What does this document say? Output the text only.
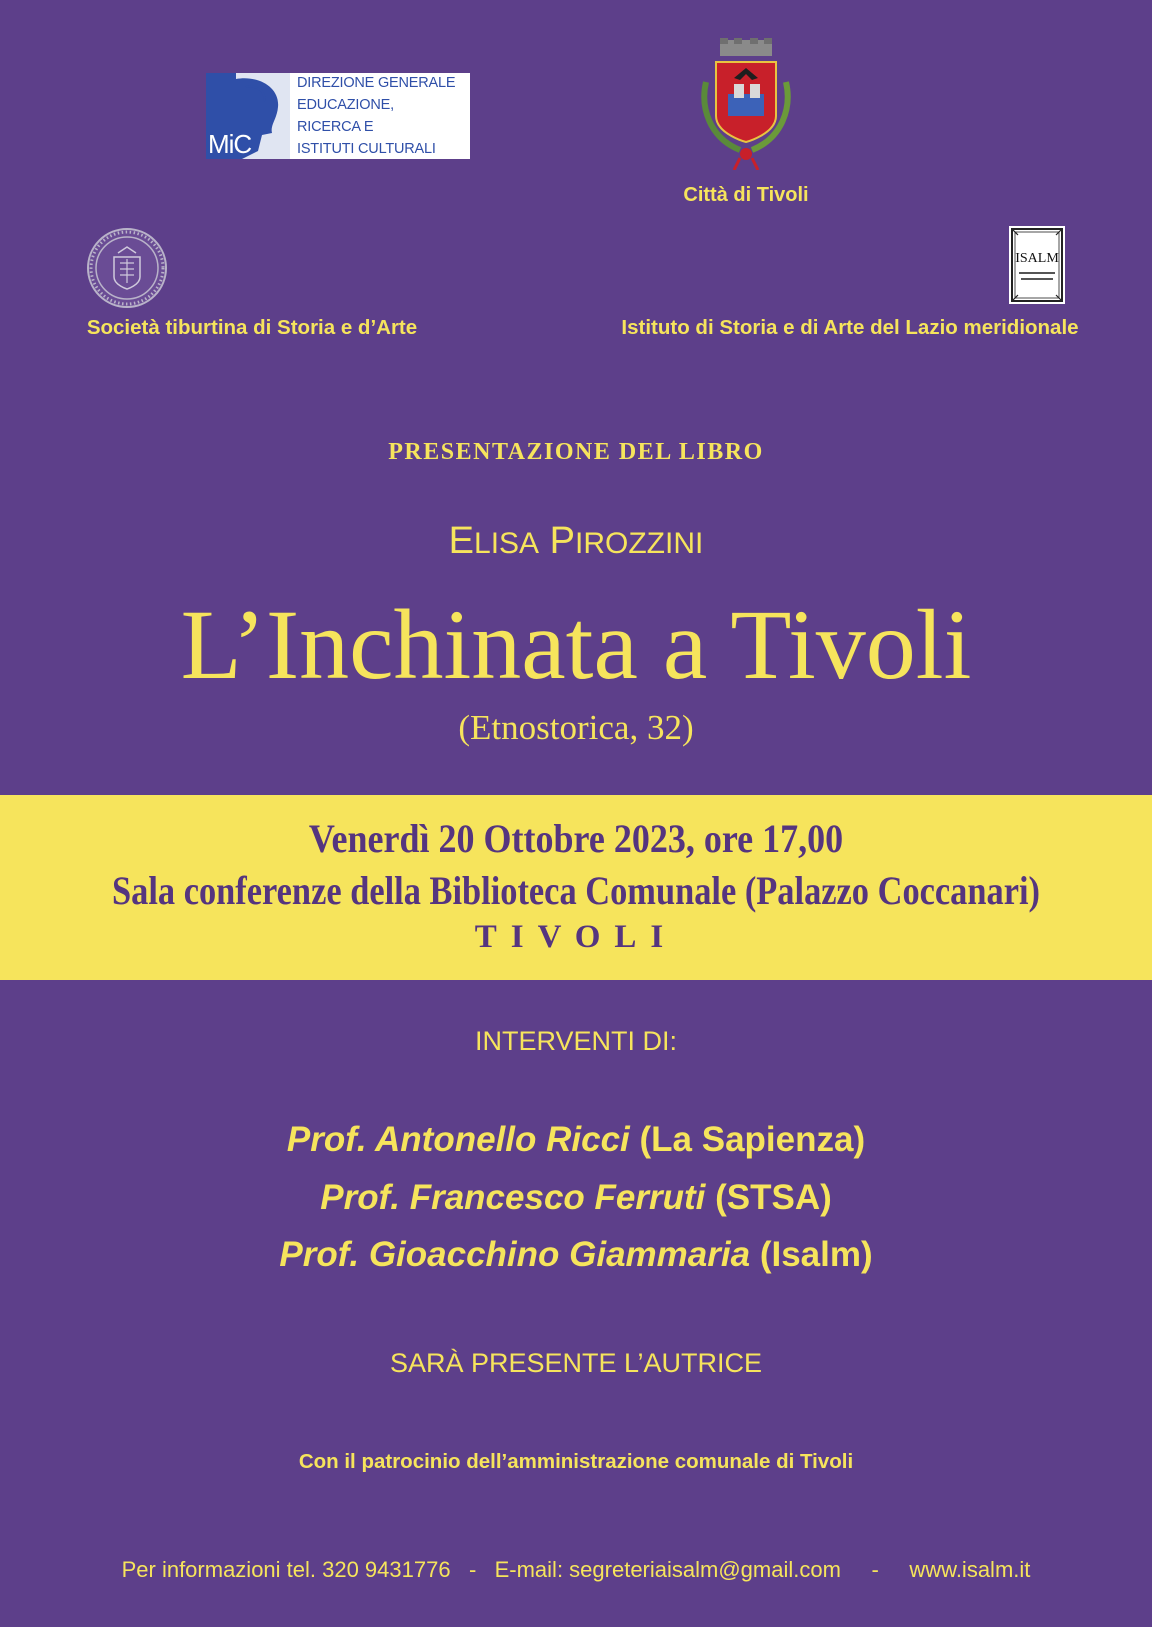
MiC
DIREZIONE GENERALE
EDUCAZIONE,
RICERCA E
ISTITUTI CULTURALI
Città di Tivoli
Società tiburtina di Storia e d’Arte
ISALM
Istituto di Storia e di Arte del Lazio meridionale
PRESENTAZIONE DEL LIBRO
ELISA PIROZZINI
L’Inchinata a Tivoli
(Etnostorica, 32)
Venerdì 20 Ottobre 2023, ore 17,00
Sala conferenze della Biblioteca Comunale (Palazzo Coccanari)
TIVOLI
INTERVENTI DI:
Prof. Antonello Ricci (La Sapienza)
Prof. Francesco Ferruti (STSA)
Prof. Gioacchino Giammaria (Isalm)
SARÀ PRESENTE L’AUTRICE
Con il patrocinio dell’amministrazione comunale di Tivoli
Per informazioni tel. 320 9431776 - E-mail: segreteriaisalm@gmail.com - www.isalm.it
